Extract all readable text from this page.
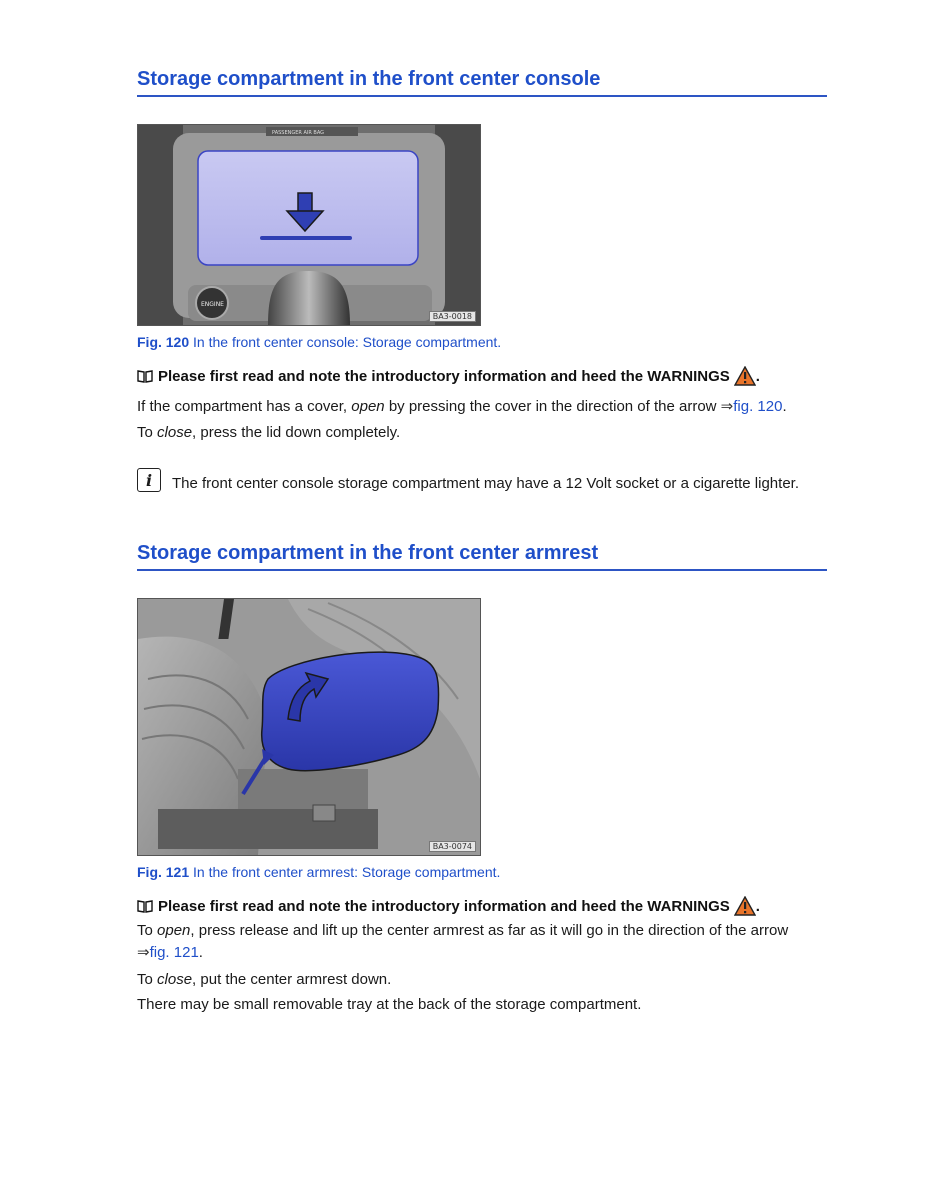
Storage compartment in the front center console
PASSENGER AIR BAG
ENGINE
BA3-0018
Fig. 120 In the front center console: Storage compartment.
Please first read and note the introductory information and heed the WARNINGS .
If the compartment has a cover, open by pressing the cover in the direction of the arrow ⇒fig. 120.
To close, press the lid down completely.
i	The front center console storage compartment may have a 12 Volt socket or a cigarette lighter.
Storage compartment in the front center armrest
BA3-0074
Fig. 121 In the front center armrest: Storage compartment.
Please first read and note the introductory information and heed the WARNINGS .
To open, press release and lift up the center armrest as far as it will go in the direction of the arrow
⇒fig. 121.
To close, put the center armrest down.
There may be small removable tray at the back of the storage compartment.
